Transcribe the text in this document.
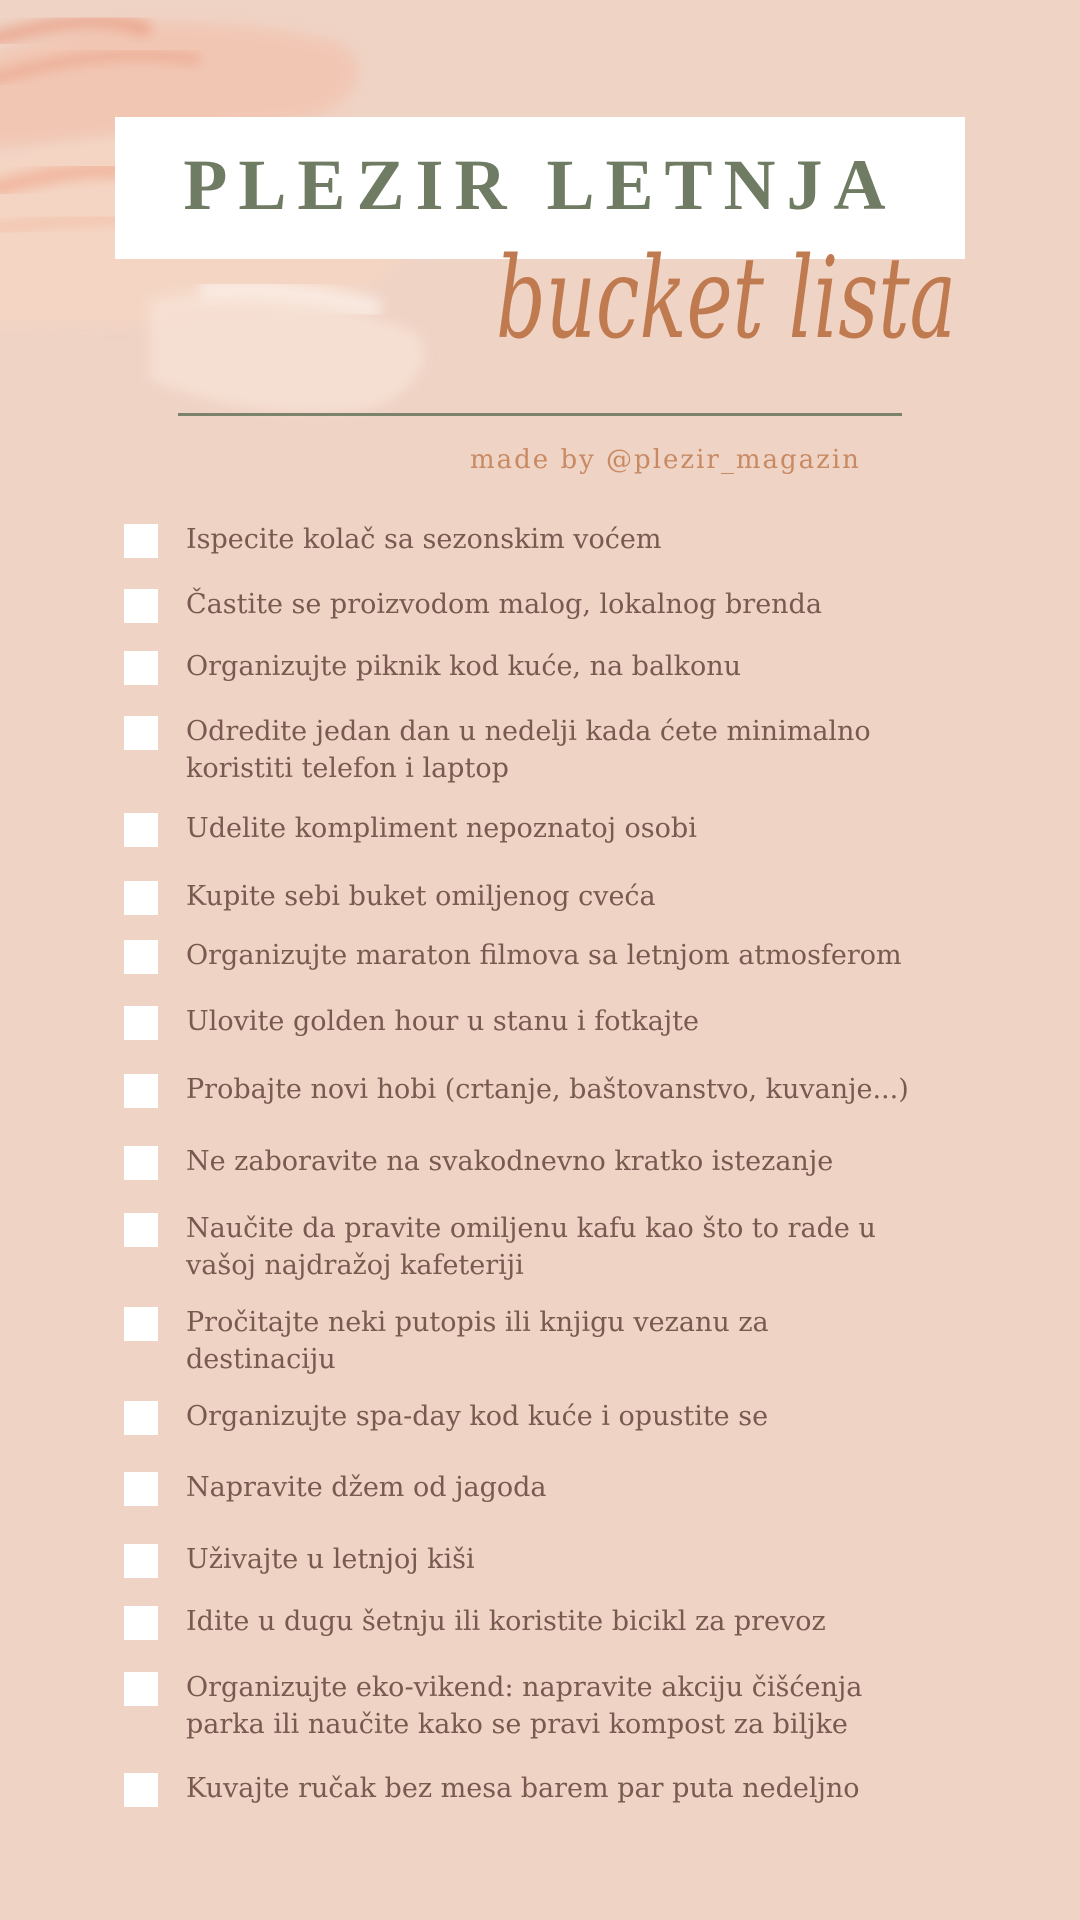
PLEZIR LETNJA
bucket lista
made by @plezir_magazin
Ispecite kolač sa sezonskim voćem
Častite se proizvodom malog, lokalnog brenda
Organizujte piknik kod kuće, na balkonu
Odredite jedan dan u nedelji kada ćete minimalno
koristiti telefon i laptop
Udelite kompliment nepoznatoj osobi
Kupite sebi buket omiljenog cveća
Organizujte maraton filmova sa letnjom atmosferom
Ulovite golden hour u stanu i fotkajte
Probajte novi hobi (crtanje, baštovanstvo, kuvanje...)
Ne zaboravite na svakodnevno kratko istezanje
Naučite da pravite omiljenu kafu kao što to rade u
vašoj najdražoj kafeteriji
Pročitajte neki putopis ili knjigu vezanu za
destinaciju
Organizujte spa-day kod kuće i opustite se
Napravite džem od jagoda
Uživajte u letnjoj kiši
Idite u dugu šetnju ili koristite bicikl za prevoz
Organizujte eko-vikend: napravite akciju čišćenja
parka ili naučite kako se pravi kompost za biljke
Kuvajte ručak bez mesa barem par puta nedeljno
